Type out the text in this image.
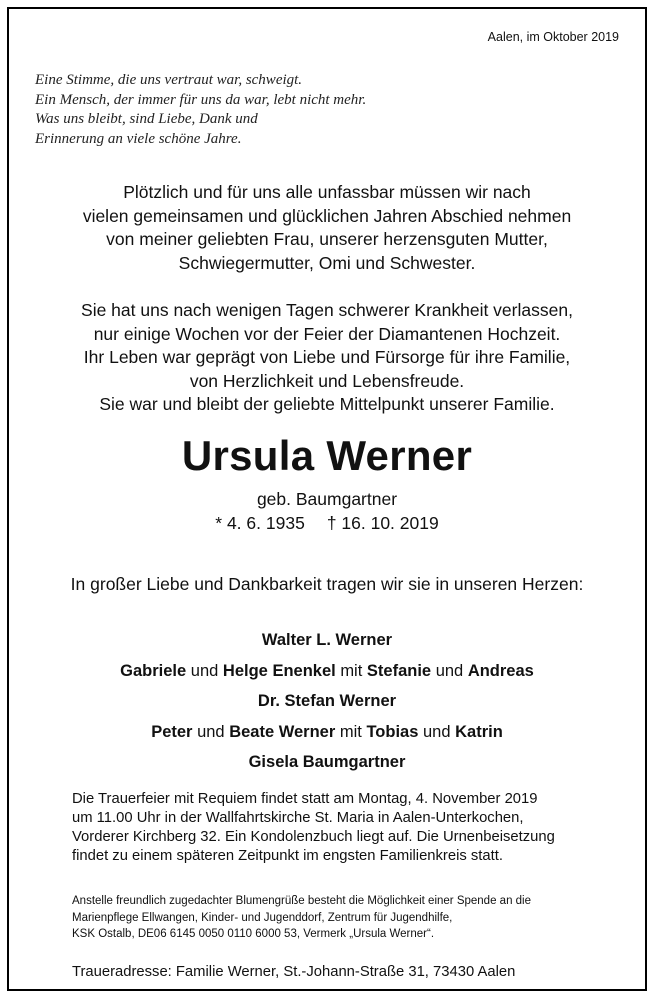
Aalen, im Oktober 2019
Eine Stimme, die uns vertraut war, schweigt.
Ein Mensch, der immer für uns da war, lebt nicht mehr.
Was uns bleibt, sind Liebe, Dank und
Erinnerung an viele schöne Jahre.

Plötzlich und für uns alle unfassbar müssen wir nach
vielen gemeinsamen und glücklichen Jahren Abschied nehmen
von meiner geliebten Frau, unserer herzensguten Mutter,
Schwiegermutter, Omi und Schwester.

Sie hat uns nach wenigen Tagen schwerer Krankheit verlassen,
nur einige Wochen vor der Feier der Diamantenen Hochzeit.
Ihr Leben war geprägt von Liebe und Fürsorge für ihre Familie,
von Herzlichkeit und Lebensfreude.
Sie war und bleibt der geliebte Mittelpunkt unserer Familie.

Ursula Werner
geb. Baumgartner
* 4. 6. 1935 † 16. 10. 2019
In großer Liebe und Dankbarkeit tragen wir sie in unseren Herzen:
Walter L. Werner
Gabriele und Helge Enenkel mit Stefanie und Andreas
Dr. Stefan Werner
Peter und Beate Werner mit Tobias und Katrin
Gisela Baumgartner
Die Trauerfeier mit Requiem findet statt am Montag, 4. November 2019
um 11.00 Uhr in der Wallfahrtskirche St. Maria in Aalen-Unterkochen,
Vorderer Kirchberg 32. Ein Kondolenzbuch liegt auf. Die Urnenbeisetzung
findet zu einem späteren Zeitpunkt im engsten Familienkreis statt.
Anstelle freundlich zugedachter Blumengrüße besteht die Möglichkeit einer Spende an die
Marienpflege Ellwangen, Kinder- und Jugenddorf, Zentrum für Jugendhilfe,
KSK Ostalb, DE06 6145 0050 0110 6000 53, Vermerk „Ursula Werner“.
Traueradresse: Familie Werner, St.-Johann-Straße 31, 73430 Aalen
